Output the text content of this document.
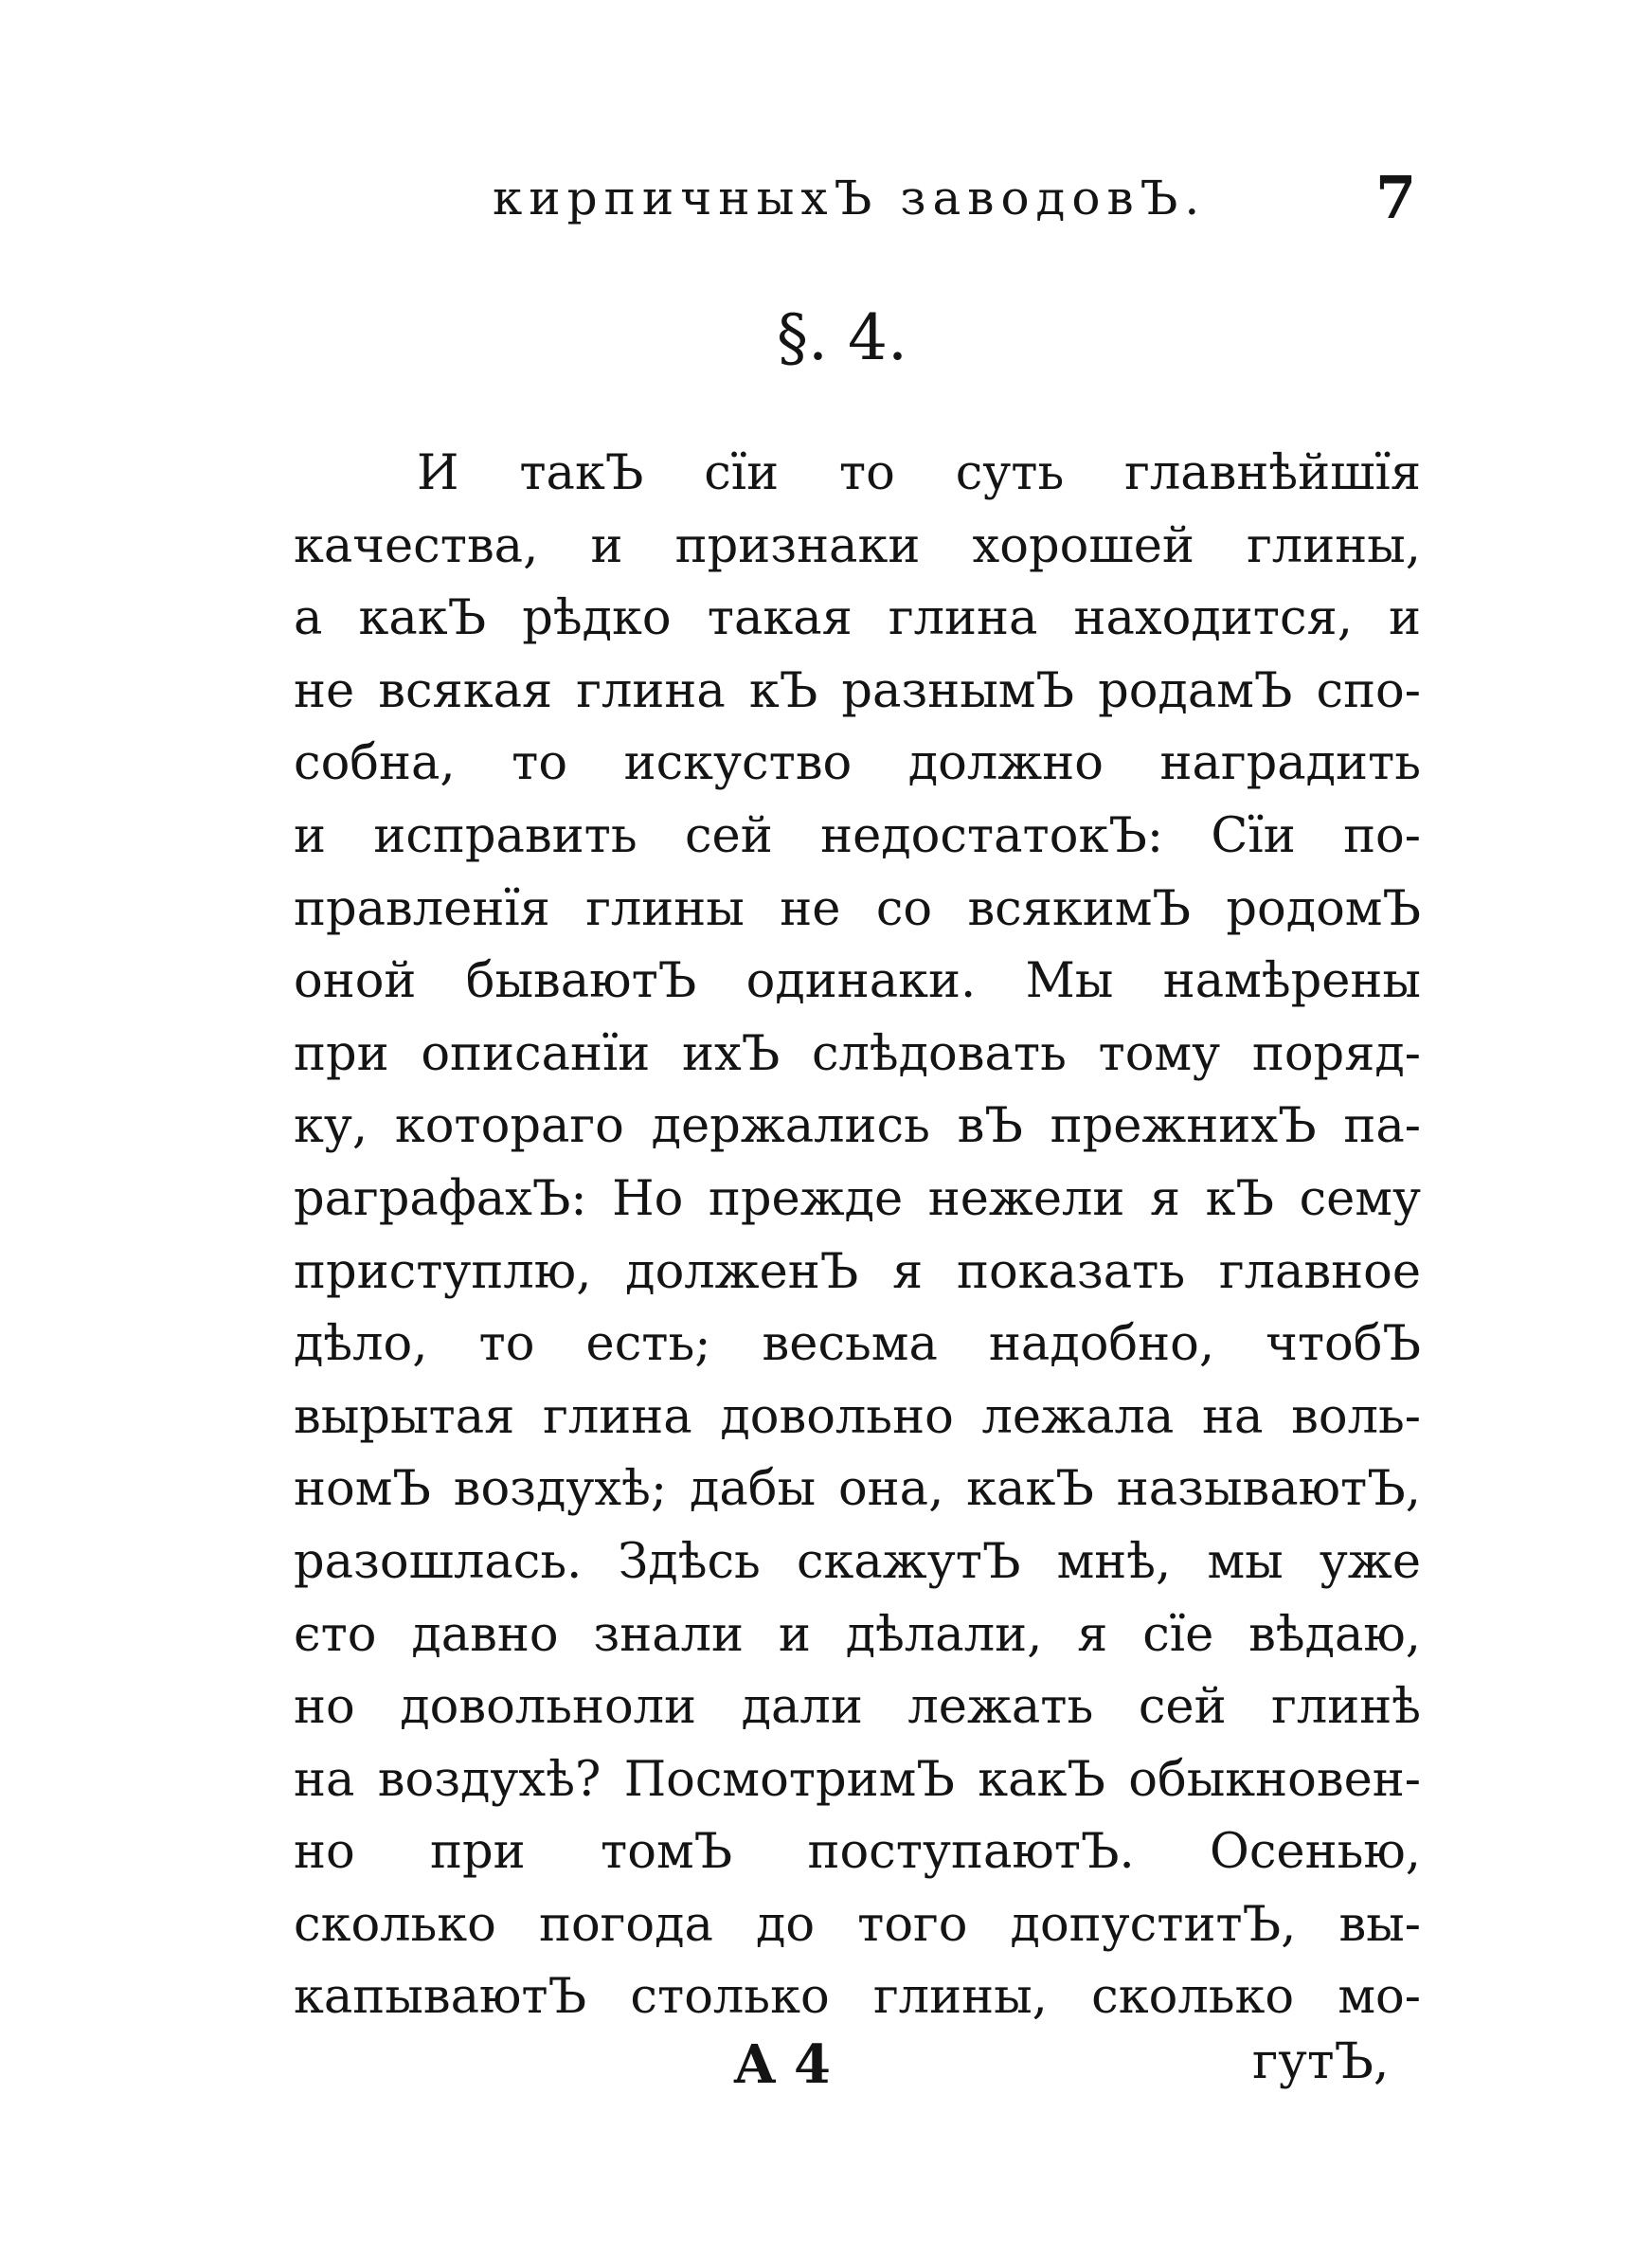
кирпичныхЪ заводовЪ.	7
§. 4.
И такЪ сїи то суть главнѣйшїя
качества, и признаки хорошей глины,
а какЪ рѣдко такая глина находится, и
не всякая глина кЪ разнымЪ родамЪ спо-
собна, то искуство должно наградить
и исправить сей недостатокЪ: Сїи по-
правленїя глины не со всякимЪ родомЪ
оной бываютЪ одинаки. Мы намѣрены
при описанїи ихЪ слѣдовать тому поряд-
ку, котораго держались вЪ прежнихЪ па-
раграфахЪ: Но прежде нежели я кЪ сему
приступлю, долженЪ я показать главное
дѣло, то есть; весьма надобно, чтобЪ
вырытая глина довольно лежала на воль-
номЪ воздухѣ; дабы она, какЪ называютЪ,
разошлась. Здѣсь скажутЪ мнѣ, мы уже
єто давно знали и дѣлали, я сїе вѣдаю,
но довольноли дали лежать сей глинѣ
на воздухѣ? ПосмотримЪ какЪ обыкновен-
но при томЪ поступаютЪ. Осенью,
сколько погода до того допуститЪ, вы-
капываютЪ столько глины, сколько мо-
A 4	гутЪ,
